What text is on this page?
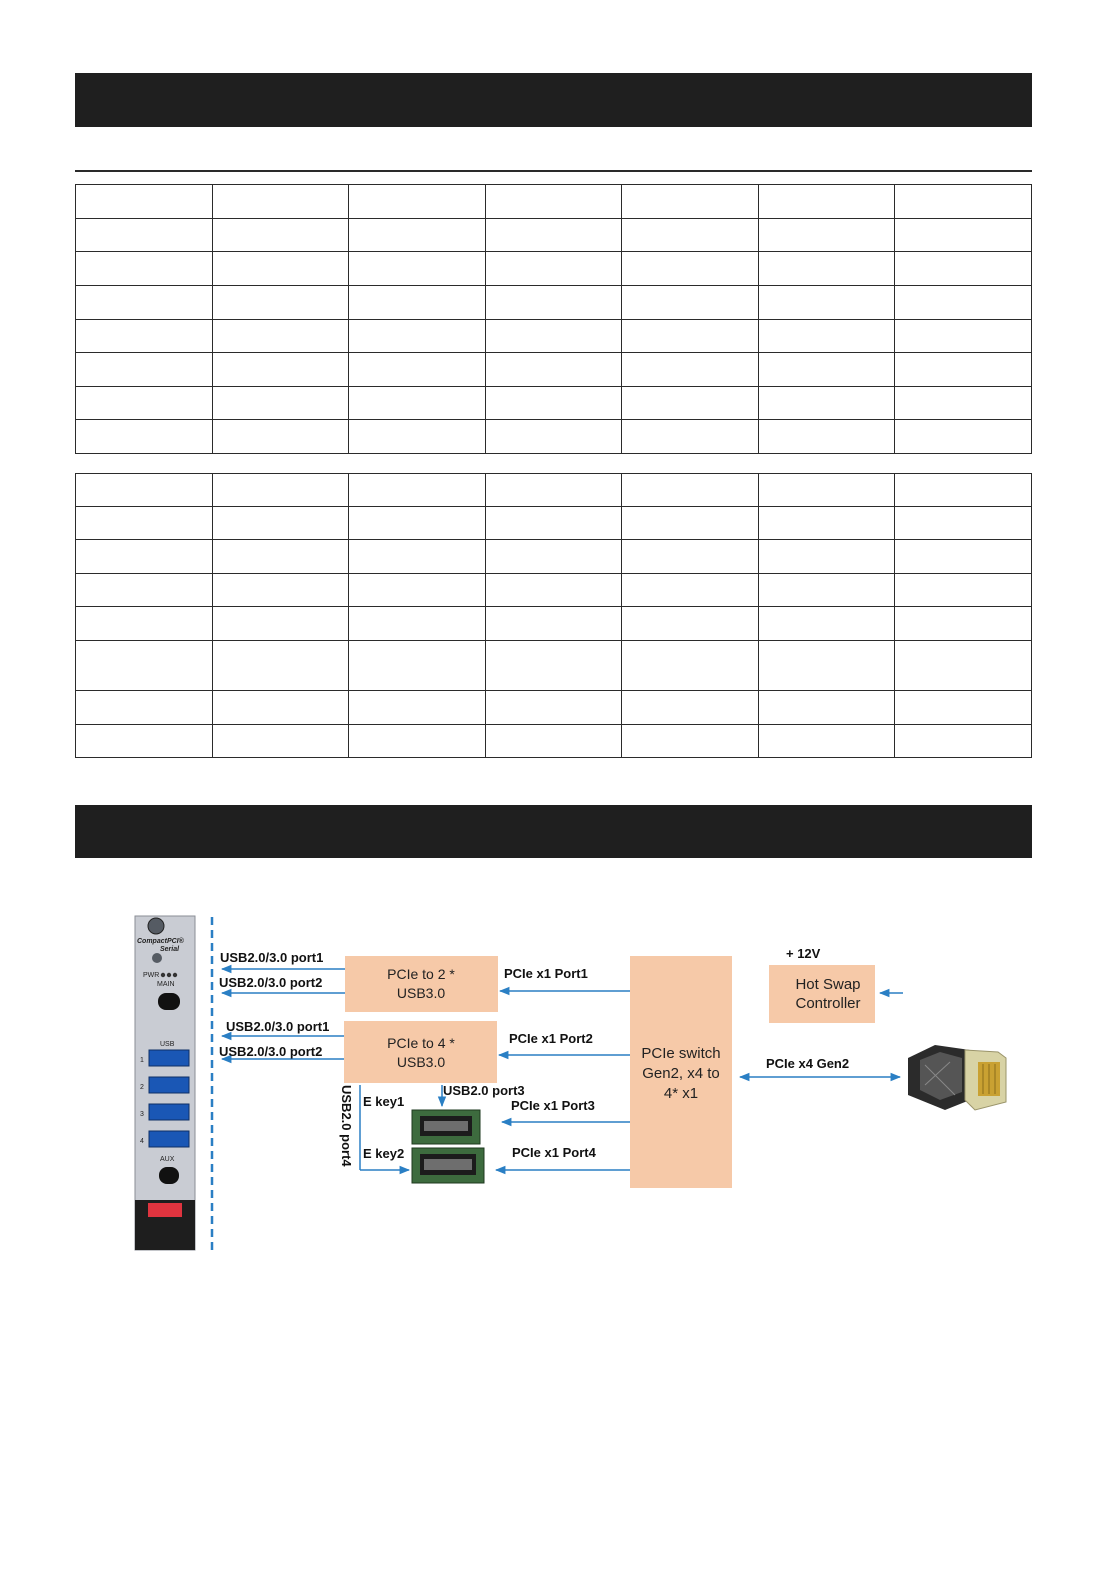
CompactPCI®
Serial
PWR
MAIN
USB
1
2
3
4
AUX
PCIe to 2 *
USB3.0
PCIe to 4 *
USB3.0	PCIe switch
Gen2, x4 to
4* x1
+ 12V
Hot Swap
Controller
USB2.0/3.0 port1
USB2.0/3.0 port2
USB2.0/3.0 port1
USB2.0/3.0 port2
PCIe x1 Port1
PCIe x1 Port2
PCIe x1 Port3
PCIe x1 Port4
USB2.0 port3
USB2.0 port4 E key1
E key2
PCIe x4 Gen2
